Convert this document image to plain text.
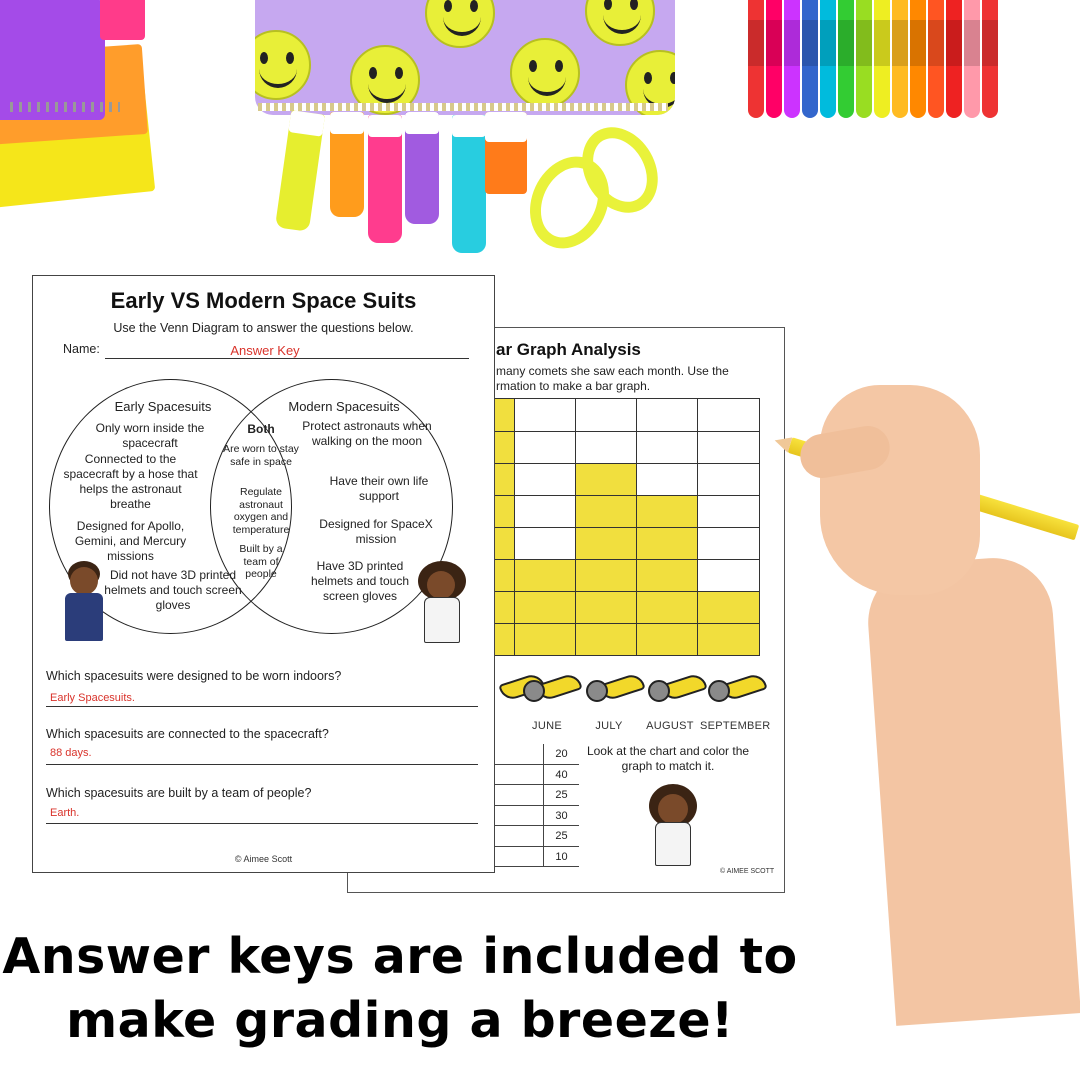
ar Graph Analysis
many comets she saw each month. Use the rmation to make a bar graph.
JUNE	JULY	AUGUST SEPTEMBER
20
40
25
30
25
10
Look at the chart and color the graph to match it.
© AIMEE SCOTT
Early VS Modern Space Suits
Use the Venn Diagram to answer the questions below.
Name:	Answer Key
Early Spacesuits
Only worn inside the spacecraft
Connected to the spacecraft by a hose that helps the astronaut breathe
Designed for Apollo, Gemini, and Mercury missions
Did not have 3D printed helmets and touch screen gloves
Both
Are worn to stay safe in space
Regulate astronaut oxygen and temperature
Built by a team of people
Modern Spacesuits
Protect astronauts when walking on the moon
Have their own life support
Designed for SpaceX mission
Have 3D printed helmets and touch screen gloves
Which spacesuits were designed to be worn indoors?
Early Spacesuits.
Which spacesuits are connected to the spacecraft?
88 days.
Which spacesuits are built by a team of people?
Earth.
© Aimee Scott
Answer keys are included to
make grading a breeze!
